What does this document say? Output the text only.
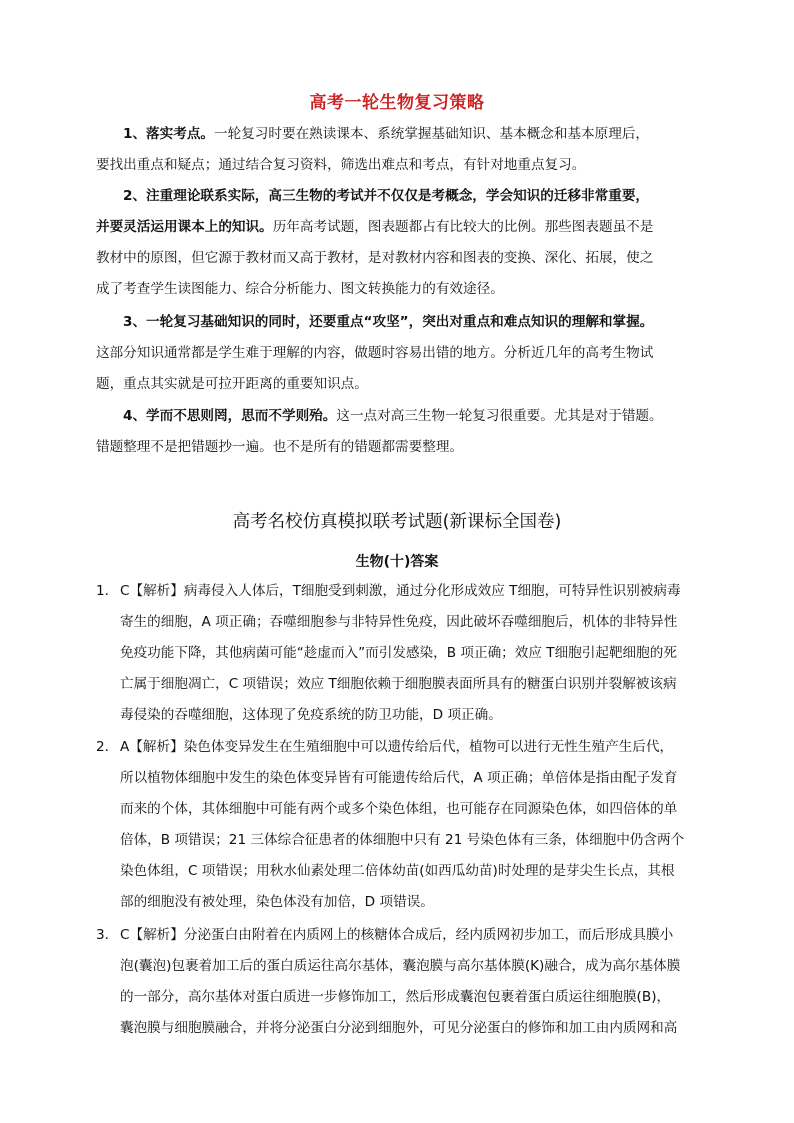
高考一轮生物复习策略
1、落实考点。一轮复习时要在熟读课本、系统掌握基础知识、基本概念和基本原理后，
要找出重点和疑点；通过结合复习资料，筛选出难点和考点，有针对地重点复习。
2、注重理论联系实际，高三生物的考试并不仅仅是考概念，学会知识的迁移非常重要，
并要灵活运用课本上的知识。历年高考试题，图表题都占有比较大的比例。那些图表题虽不是
教材中的原图，但它源于教材而又高于教材，是对教材内容和图表的变换、深化、拓展，使之
成了考查学生读图能力、综合分析能力、图文转换能力的有效途径。
3、一轮复习基础知识的同时，还要重点“攻坚”，突出对重点和难点知识的理解和掌握。
这部分知识通常都是学生难于理解的内容，做题时容易出错的地方。分析近几年的高考生物试
题，重点其实就是可拉开距离的重要知识点。
4、学而不思则罔，思而不学则殆。这一点对高三生物一轮复习很重要。尤其是对于错题。
错题整理不是把错题抄一遍。也不是所有的错题都需要整理。
高考名校仿真模拟联考试题(新课标全国卷)
生物(十)答案
1． C【解析】病毒侵入人体后，T细胞受到刺激，通过分化形成效应 T细胞，可特异性识别被病毒
寄生的细胞，A 项正确；吞噬细胞参与非特异性免疫，因此破坏吞噬细胞后，机体的非特异性
免疫功能下降，其他病菌可能“趁虚而入”而引发感染，B 项正确；效应 T细胞引起靶细胞的死
亡属于细胞凋亡，C 项错误；效应 T细胞依赖于细胞膜表面所具有的糖蛋白识别并裂解被该病
毒侵染的吞噬细胞，这体现了免疫系统的防卫功能，D 项正确。
2． A【解析】染色体变异发生在生殖细胞中可以遗传给后代，植物可以进行无性生殖产生后代，
所以植物体细胞中发生的染色体变异皆有可能遗传给后代，A 项正确；单倍体是指由配子发育
而来的个体，其体细胞中可能有两个或多个染色体组，也可能存在同源染色体，如四倍体的单
倍体，B 项错误；21 三体综合征患者的体细胞中只有 21 号染色体有三条，体细胞中仍含两个
染色体组，C 项错误；用秋水仙素处理二倍体幼苗(如西瓜幼苗)时处理的是芽尖生长点，其根
部的细胞没有被处理，染色体没有加倍，D 项错误。
3． C【解析】分泌蛋白由附着在内质网上的核糖体合成后，经内质网初步加工，而后形成具膜小
泡(囊泡)包裹着加工后的蛋白质运往高尔基体，囊泡膜与高尔基体膜(K)融合，成为高尔基体膜
的一部分，高尔基体对蛋白质进一步修饰加工，然后形成囊泡包裹着蛋白质运往细胞膜(B)，
囊泡膜与细胞膜融合，并将分泌蛋白分泌到细胞外，可见分泌蛋白的修饰和加工由内质网和高
